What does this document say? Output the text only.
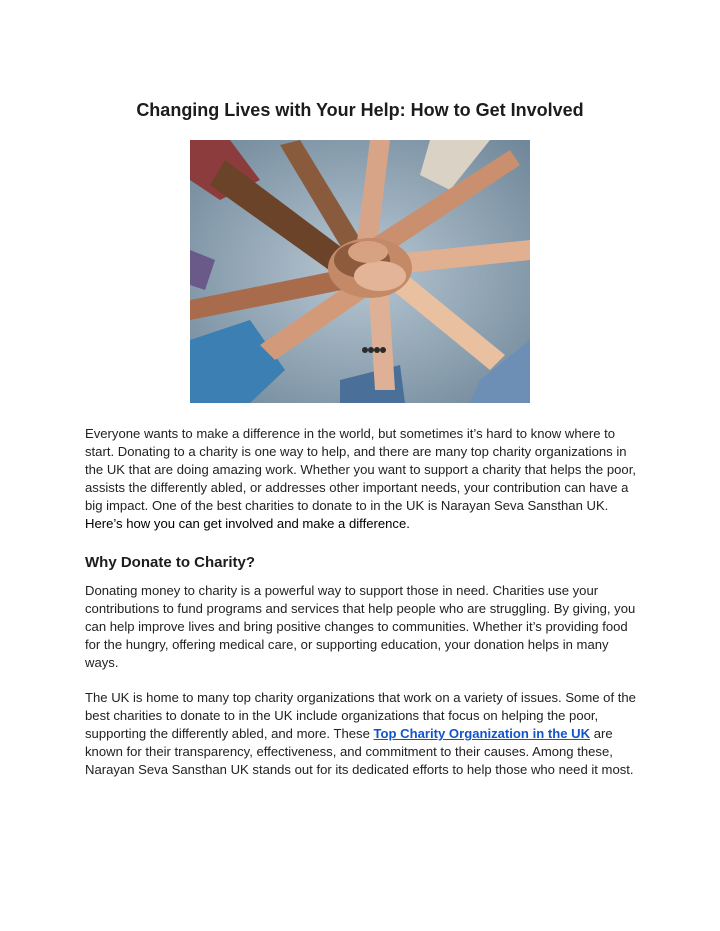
Changing Lives with Your Help: How to Get Involved

Everyone wants to make a difference in the world, but sometimes it’s hard to know where to start. Donating to a charity is one way to help, and there are many top charity organizations in the UK that are doing amazing work. Whether you want to support a charity that helps the poor, assists the differently abled, or addresses other important needs, your contribution can have a big impact. One of the best charities to donate to in the UK is Narayan Seva Sansthan UK. Here’s how you can get involved and make a difference.

Why Donate to Charity?

Donating money to charity is a powerful way to support those in need. Charities use your contributions to fund programs and services that help people who are struggling. By giving, you can help improve lives and bring positive changes to communities. Whether it’s providing food for the hungry, offering medical care, or supporting education, your donation helps in many ways.

The UK is home to many top charity organizations that work on a variety of issues. Some of the best charities to donate to in the UK include organizations that focus on helping the poor, supporting the differently abled, and more. These Top Charity Organization in the UK are known for their transparency, effectiveness, and commitment to their causes. Among these, Narayan Seva Sansthan UK stands out for its dedicated efforts to help those who need it most.
